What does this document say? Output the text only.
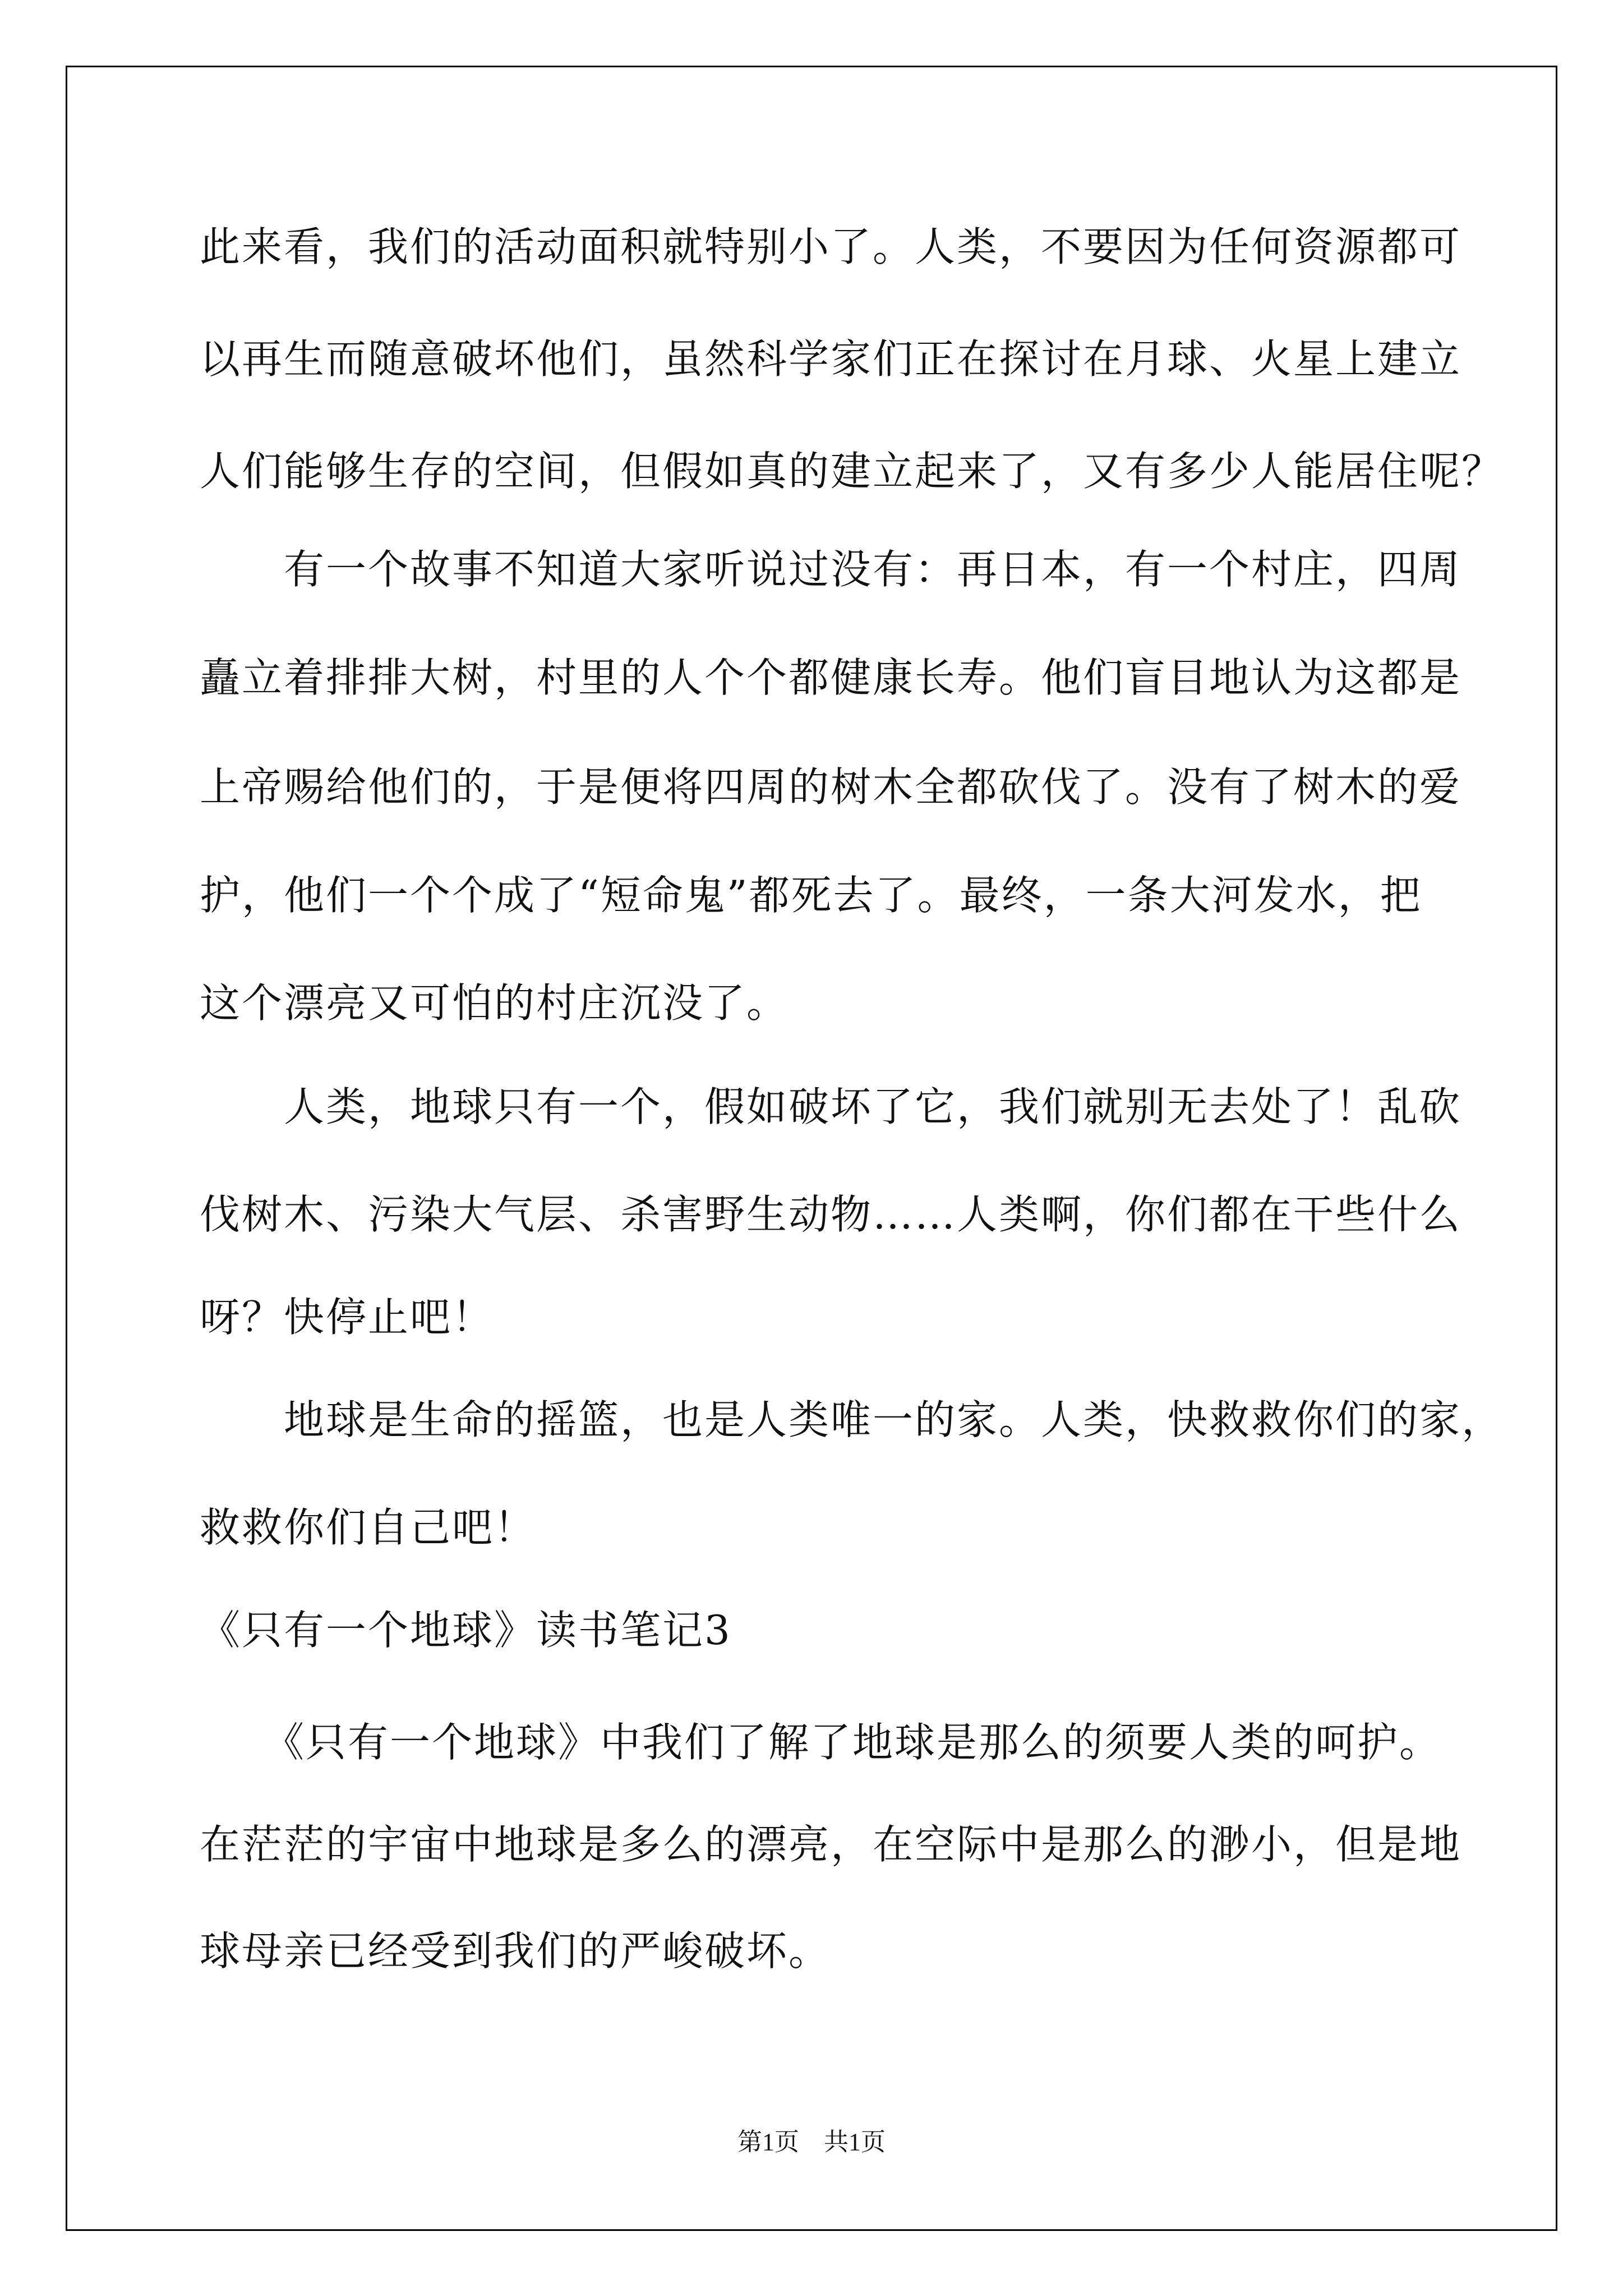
此来看，我们的活动面积就特别小了。人类，不要因为任何资源都可
以再生而随意破坏他们，虽然科学家们正在探讨在月球、火星上建立
人们能够生存的空间，但假如真的建立起来了，又有多少人能居住呢？
　　有一个故事不知道大家听说过没有：再日本，有一个村庄，四周
矗立着排排大树，村里的人个个都健康长寿。他们盲目地认为这都是
上帝赐给他们的，于是便将四周的树木全都砍伐了。没有了树木的爱
护，他们一个个成了“短命鬼”都死去了。最终，一条大河发水，把
这个漂亮又可怕的村庄沉没了。
　　人类，地球只有一个，假如破坏了它，我们就别无去处了！乱砍
伐树木、污染大气层、杀害野生动物……人类啊，你们都在干些什么
呀？快停止吧！
　　地球是生命的摇篮，也是人类唯一的家。人类，快救救你们的家，
救救你们自己吧！
《只有一个地球》读书笔记3
　　《只有一个地球》中我们了解了地球是那么的须要人类的呵护。
在茫茫的宇宙中地球是多么的漂亮，在空际中是那么的渺小，但是地
球母亲已经受到我们的严峻破坏。
第1页　共1页
